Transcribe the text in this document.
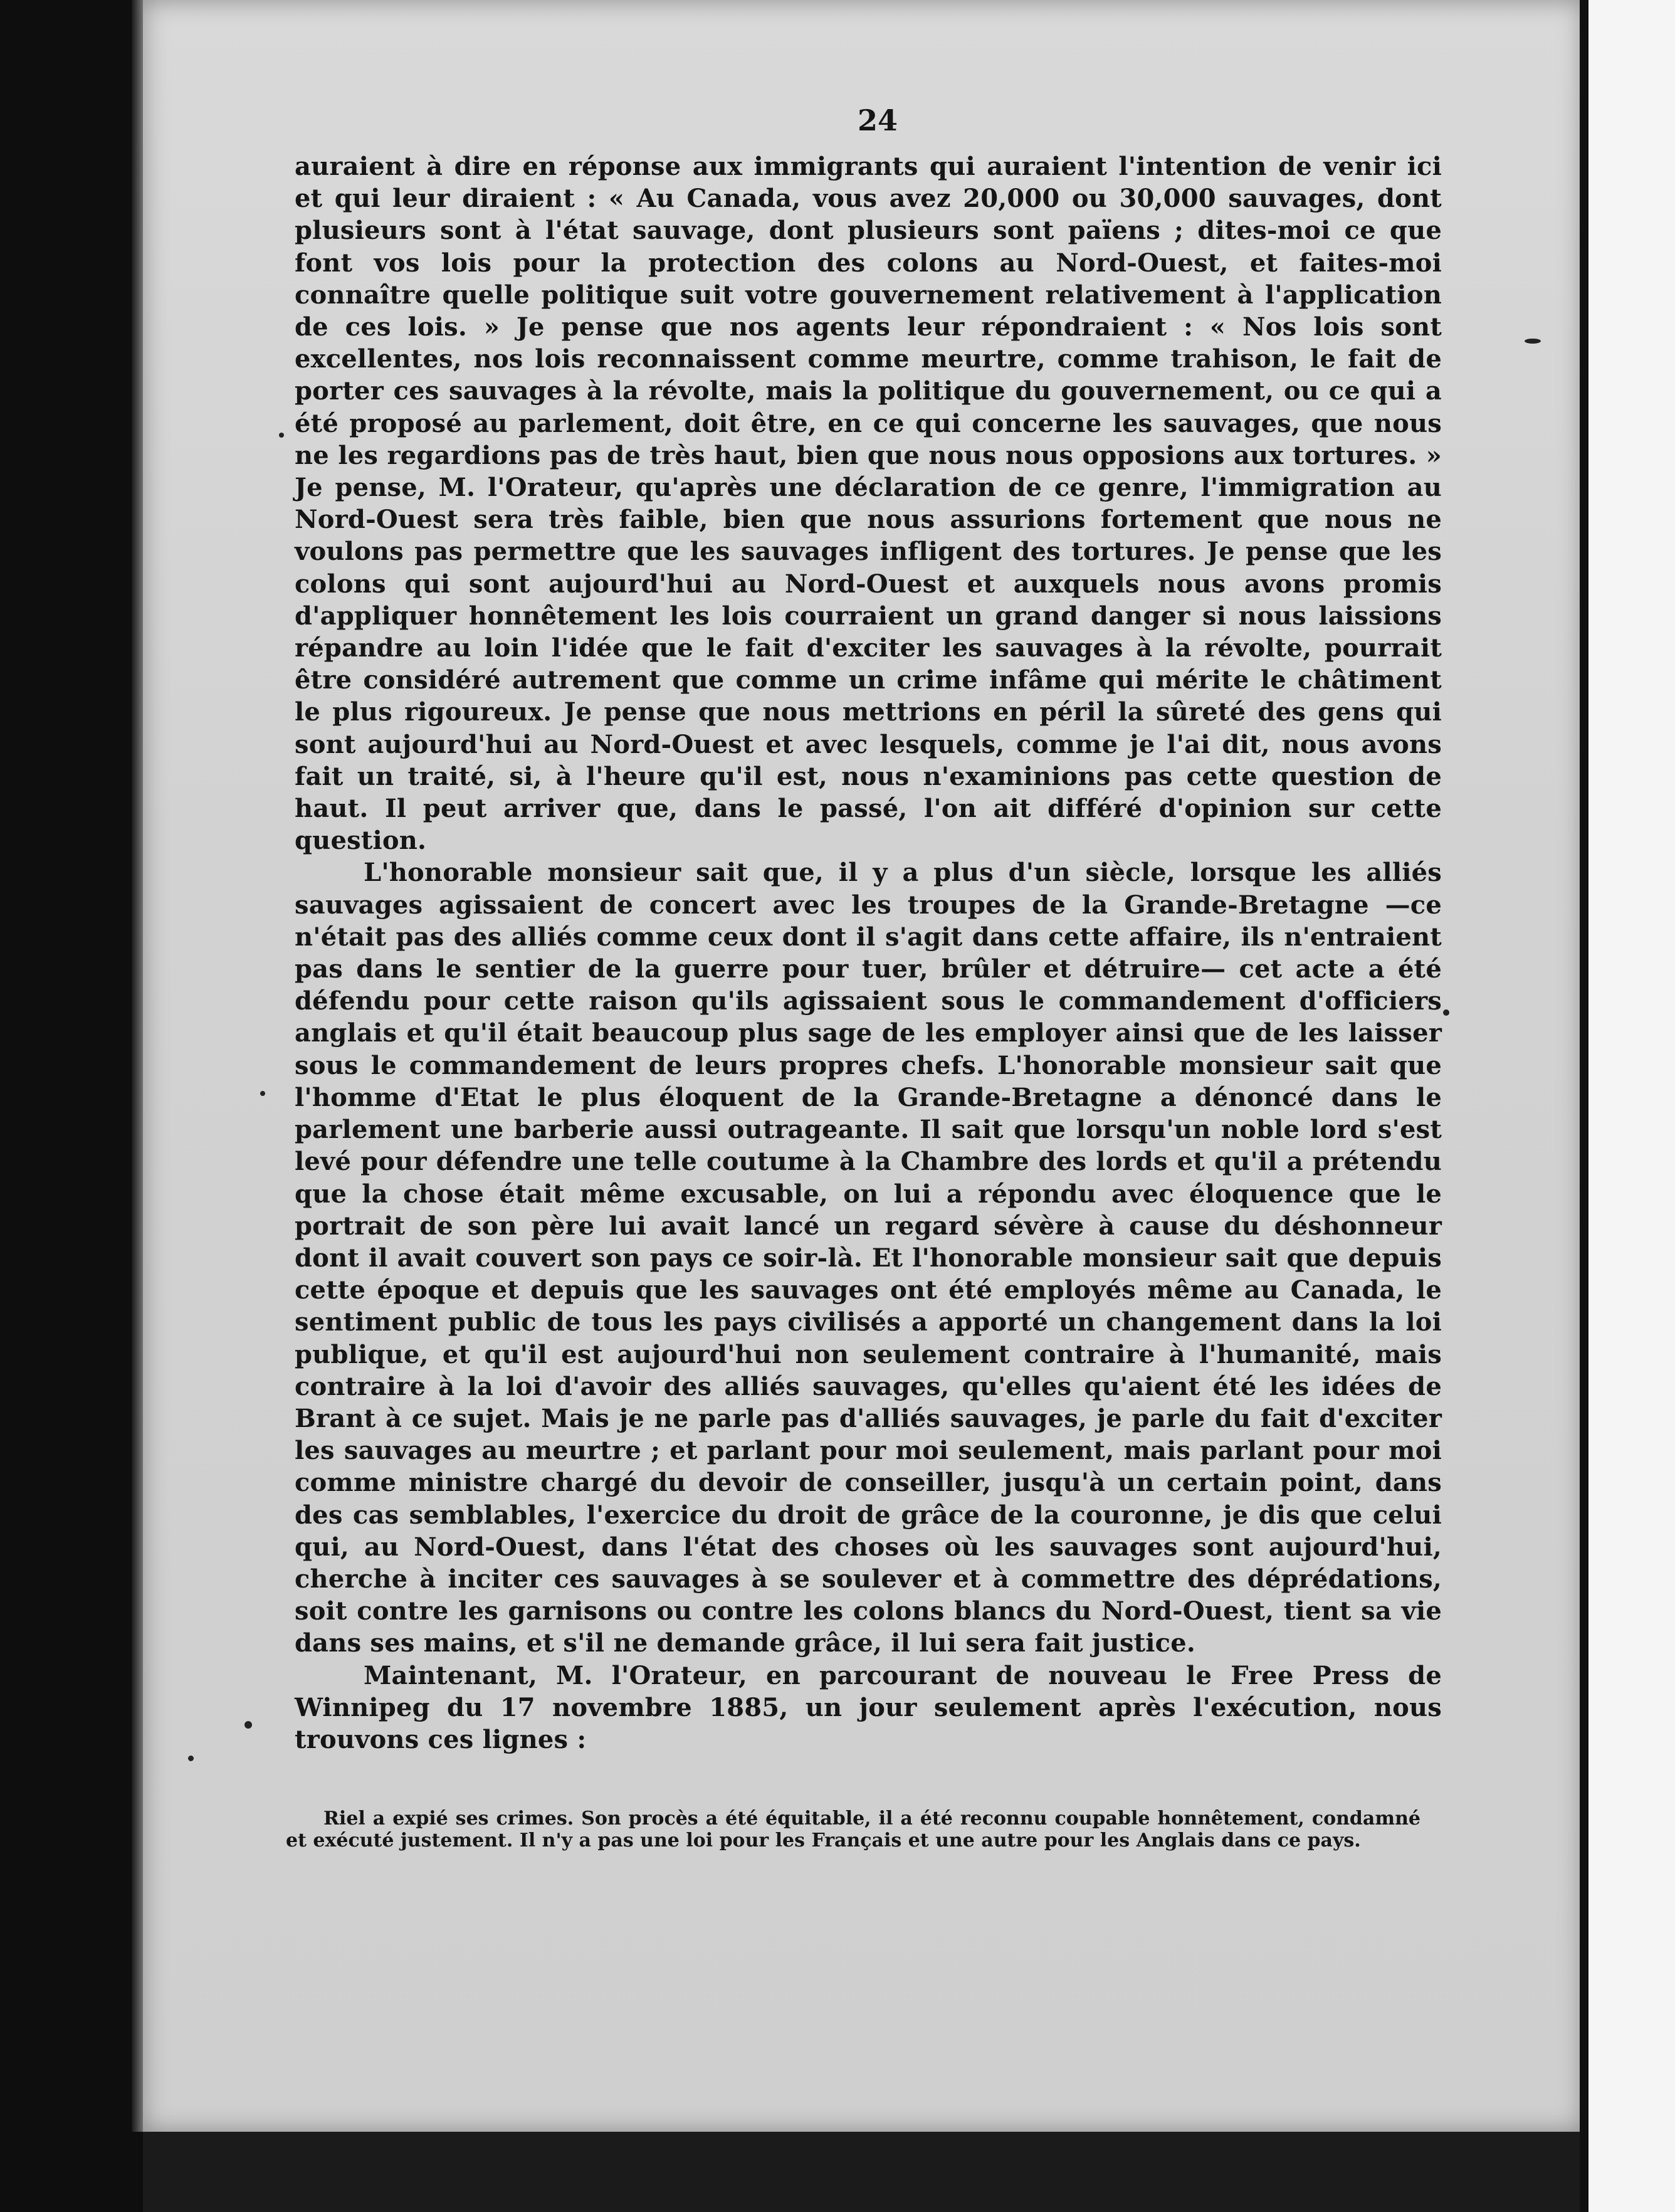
24

auraient à dire en réponse aux immigrants qui auraient l'intention de venir ici et qui leur diraient : « Au Canada, vous avez 20,000 ou 30,000 sauvages, dont plusieurs sont à l'état sauvage, dont plusieurs sont païens ; dites-moi ce que font vos lois pour la protection des colons au Nord-Ouest, et faites-moi connaître quelle politique suit votre gouvernement relativement à l'application de ces lois. » Je pense que nos agents leur répondraient : « Nos lois sont excellentes, nos lois reconnaissent comme meurtre, comme trahison, le fait de porter ces sauvages à la révolte, mais la politique du gouvernement, ou ce qui a été proposé au parlement, doit être, en ce qui concerne les sauvages, que nous ne les regardions pas de très haut, bien que nous nous opposions aux tortures. » Je pense, M. l'Orateur, qu'après une déclaration de ce genre, l'immigration au Nord-Ouest sera très faible, bien que nous assurions fortement que nous ne voulons pas permettre que les sauvages infligent des tortures. Je pense que les colons qui sont aujourd'hui au Nord-Ouest et auxquels nous avons promis d'appliquer honnêtement les lois courraient un grand danger si nous laissions répandre au loin l'idée que le fait d'exciter les sauvages à la révolte, pourrait être considéré autrement que comme un crime infâme qui mérite le châtiment le plus rigoureux. Je pense que nous mettrions en péril la sûreté des gens qui sont aujourd'hui au Nord-Ouest et avec lesquels, comme je l'ai dit, nous avons fait un traité, si, à l'heure qu'il est, nous n'examinions pas cette question de haut. Il peut arriver que, dans le passé, l'on ait différé d'opinion sur cette question.

L'honorable monsieur sait que, il y a plus d'un siècle, lorsque les alliés sauvages agissaient de concert avec les troupes de la Grande-Bretagne —ce n'était pas des alliés comme ceux dont il s'agit dans cette affaire, ils n'entraient pas dans le sentier de la guerre pour tuer, brûler et détruire— cet acte a été défendu pour cette raison qu'ils agissaient sous le commandement d'officiers anglais et qu'il était beaucoup plus sage de les employer ainsi que de les laisser sous le commandement de leurs propres chefs. L'honorable monsieur sait que l'homme d'Etat le plus éloquent de la Grande-Bretagne a dénoncé dans le parlement une barberie aussi outrageante. Il sait que lorsqu'un noble lord s'est levé pour défendre une telle coutume à la Chambre des lords et qu'il a prétendu que la chose était même excusable, on lui a répondu avec éloquence que le portrait de son père lui avait lancé un regard sévère à cause du déshonneur dont il avait couvert son pays ce soir-là. Et l'honorable monsieur sait que depuis cette époque et depuis que les sauvages ont été employés même au Canada, le sentiment public de tous les pays civilisés a apporté un changement dans la loi publique, et qu'il est aujourd'hui non seulement contraire à l'humanité, mais contraire à la loi d'avoir des alliés sauvages, qu'elles qu'aient été les idées de Brant à ce sujet. Mais je ne parle pas d'alliés sauvages, je parle du fait d'exciter les sauvages au meurtre ; et parlant pour moi seulement, mais parlant pour moi comme ministre chargé du devoir de conseiller, jusqu'à un certain point, dans des cas semblables, l'exercice du droit de grâce de la couronne, je dis que celui qui, au Nord-Ouest, dans l'état des choses où les sauvages sont aujourd'hui, cherche à inciter ces sauvages à se soulever et à commettre des déprédations, soit contre les garnisons ou contre les colons blancs du Nord-Ouest, tient sa vie dans ses mains, et s'il ne demande grâce, il lui sera fait justice.

Maintenant, M. l'Orateur, en parcourant de nouveau le Free Press de Winnipeg du 17 novembre 1885, un jour seulement après l'exécution, nous trouvons ces lignes :

Riel a expié ses crimes. Son procès a été équitable, il a été reconnu coupable honnêtement, condamné et exécuté justement. Il n'y a pas une loi pour les Français et une autre pour les Anglais dans ce pays.
